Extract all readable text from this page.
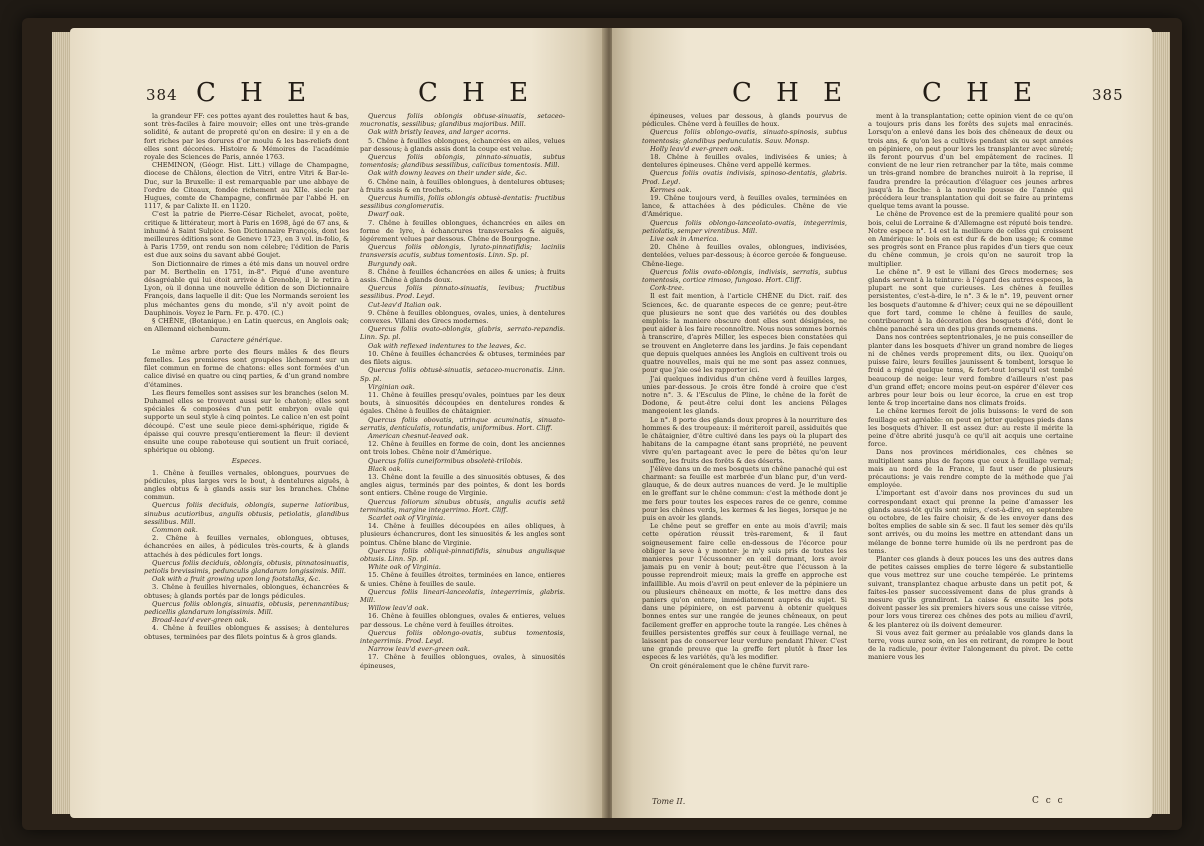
384 C H E	C H E

la grandeur FF: ces pottes ayant des roulettes haut & bas, sont très-faciles à faire mouvoir; elles ont une très-grande solidité, & autant de propreté qu'on en desire: il y en a de fort riches par les dorures d'or moulu & les bas-reliefs dont elles sont décorées. Histoire & Mémoires de l'académie royale des Sciences de Paris, année 1763.

CHEMINON, (Géogr. Hist. Litt.) village de Champagne, diocese de Châlons, élection de Vitri, entre Vitri & Bar-le-Duc, sur la Bruxelle: il est remarquable par une abbaye de l'ordre de Citeaux, fondée richement au XIIe. siecle par Hugues, comte de Champagne, confirmée par l'abbé H. en 1117, & par Calixte II. en 1120.

C'est la patrie de Pierre-César Richelet, avocat, poëte, critique & littérateur, mort à Paris en 1698, âgé de 67 ans, & inhumé à Saint Sulpice. Son Dictionnaire François, dont les meilleures éditions sont de Geneve 1723, en 3 vol. in-folio, & à Paris 1759, ont rendu son nom célebre; l'édition de Paris est due aux soins du savant abbé Goujet.

Son Dictionnaire de rimes a été mis dans un nouvel ordre par M. Berthelin en 1751, in-8°. Piqué d'une aventure désagréable qui lui étoit arrivée à Grenoble, il le retira à Lyon, où il donna une nouvelle édition de son Dictionnaire François, dans laquelle il dit: Que les Normands seroient les plus méchantes gens du monde, s'il n'y avoit point de Dauphinois. Voyez le Parn. Fr. p. 470. (C.)

§ CHÊNE, (Botanique.) en Latin quercus, en Anglois oak; en Allemand eichenbaum.

Caractere générique.

Le même arbre porte des fleurs mâles & des fleurs femelles. Les premieres sont groupées lâchement sur un filet commun en forme de chatons: elles sont formées d'un calice divisé en quatre ou cinq parties, & d'un grand nombre d'étamines.

Les fleurs femelles sont assises sur les branches (selon M. Duhamel elles se trouvent aussi sur le chaton); elles sont spéciales & composées d'un petit embryon ovale qui supporte un seul style à cinq pointes. Le calice n'en est point découpé. C'est une seule piece demi-sphérique, rigide & épaisse qui couvre presqu'entierement la fleur: il devient ensuite une coupe raboteuse qui soutient un fruit coriacé, sphérique ou oblong.

Especes.

1. Chêne à feuilles vernales, oblongues, pourvues de pédicules, plus larges vers le bout, à dentelures aiguës, à angles obtus & à glands assis sur les branches. Chêne commun.

Quercus foliis deciduis, oblongis, superne latioribus, sinubus acutioribus, angulis obtusis, petiolatis, glandibus sessilibus. Mill.

Common oak.

2. Chêne à feuilles vernales, oblongues, obtuses, échancrées en ailes, à pédicules très-courts, & à glands attachés à des pédicules fort longs.

Quercus foliis deciduis, oblongis, obtusis, pinnatosinuatis, petiolis brevissimis, pedunculis glandarum longissimis. Mill.

Oak with a fruit growing upon long footstalks, &c.

3. Chêne à feuilles hivernales, oblongues, échancrées & obtuses; à glands portés par de longs pédicules.

Quercus foliis oblongis, sinuatis, obtusis, perennantibus; pedicellis glandarum longissimis. Mill.

Broad-leav'd ever-green oak.

4. Chêne à feuilles oblongues & assises; à dentelures obtuses, terminées par des filets pointus & à gros glands.

Quercus foliis oblongis obtuse-sinuatis, setaceo-mucronatis, sessilibus; glandibus majoribus. Mill.

Oak with bristly leaves, and larger acorns.

5. Chêne à feuilles oblongues, échancrées en ailes, velues par dessous; à glands assis dont la coupe est velue.

Quercus foliis oblongis, pinnato-sinuatis, subtus tomentosis; glandibus sessilibus, calicibus tomentosis. Mill.

Oak with downy leaves on their under side, &c.

6. Chêne nain, à feuilles oblongues, à dentelures obtuses; à fruits assis & en trochets.

Quercus humilis, foliis oblongis obtusè-dentatis: fructibus sessilibus conglomeratis.

Dwarf oak.

7. Chêne à feuilles oblongues, échancrées en ailes en forme de lyre, à échancrures transversales & aiguës, légérement velues par dessous. Chêne de Bourgogne.

Quercus foliis oblongis, lyrato-pinnatifidis; laciniis transversis acutis, subtus tomentosis. Linn. Sp. pl.

Burgundy oak.

8. Chêne à feuilles échancrées en ailes & unies; à fruits assis. Chêne à glands doux.

Quercus foliis pinnato-sinuatis, levibus; fructibus sessilibus. Prod. Leyd.

Cut-leav'd Italian oak.

9. Chêne à feuilles oblongues, ovales, unies, à dentelures convexes. Villani des Grecs modernes.

Quercus foliis ovato-oblongis, glabris, serrato-repandis. Linn. Sp. pl.

Oak with reflexed indentures to the leaves, &c.

10. Chêne à feuilles échancrées & obtuses, terminées par des filets aigus.

Quercus foliis obtusè-sinuatis, setaceo-mucronatis. Linn. Sp. pl.

Virginian oak.

11. Chêne à feuilles presqu'ovales, pointues par les deux bouts, à sinuosités découpées en dentelures rondes & égales. Chêne à feuilles de châtaignier.

Quercus foliis obovatis, utrinque acuminatis, sinuato-serratis, denticulatis, rotundatis, uniformibus. Hort. Cliff.

American chesnut-leaved oak.

12. Chêne à feuilles en forme de coin, dont les anciennes ont trois lobes. Chêne noir d'Amérique.

Quercus foliis cuneiformibus obsoletè-trilobis.

Black oak.

13. Chêne dont la feuille a des sinuosités obtuses, & des angles aigus, terminés par des pointes, & dont les bords sont entiers. Chêne rouge de Virginie.

Quercus foliorum sinubus obtusis, angulis acutis setâ terminatis, margine integerrimo. Hort. Cliff.

Scarlet oak of Virginia.

14. Chêne à feuilles découpées en ailes obliques, à plusieurs échancrures, dont les sinuosités & les angles sont pointus. Chêne blanc de Virginie.

Quercus foliis obliquè-pinnatifidis, sinubus angulisque obtusis. Linn. Sp. pl.

White oak of Virginia.

15. Chêne à feuilles étroites, terminées en lance, entieres & unies. Chêne à feuilles de saule.

Quercus foliis lineari-lanceolatis, integerrimis, glabris. Mill.

Willow leav'd oak.

16. Chêne à feuilles oblongues, ovales & entieres, velues par dessous. Le chêne verd à feuilles étroites.

Quercus foliis oblongo-ovatis, subtus tomentosis, integerrimis. Prod. Leyd.

Narrow leav'd ever-green oak.

17. Chêne à feuilles oblongues, ovales, à sinuosités épineuses,

C H E	C H E	385

épineuses, velues par dessous, à glands pourvus de pédicules. Chêne verd à feuilles de houx.

Quercus foliis oblongo-ovatis, sinuato-spinosis, subtus tomentosis; glandibus pedunculatis. Sauv. Monsp.

Holly leav'd ever-green oak.

18. Chêne à feuilles ovales, indivisées & unies; à dentelures épineuses. Chêne verd appellé kermes.

Quercus foliis ovatis indivisis, spinoso-dentatis, glabris. Prod. Leyd.

Kermes oak.

19. Chêne toujours verd, à feuilles ovales, terminées en lance, & attachées à des pédicules. Chêne de vie d'Amérique.

Quercus foliis oblongo-lanceolato-ovatis, integerrimis, petiolatis, semper virentibus. Mill.

Live oak in America.

20. Chêne à feuilles ovales, oblongues, indivisées, dentelées, velues par-dessous; à écorce gercée & fongueuse. Chêne-liege.

Quercus foliis ovato-oblongis, indivisis, serratis, subtus tomentosis, cortice rimoso, fungoso. Hort. Cliff.

Cork-tree.

Il est fait mention, à l'article CHÊNE du Dict. raif. des Sciences, &c. de quarante especes de ce genre; peut-être que plusieurs ne sont que des variétés ou des doubles emplois: la maniere obscure dont elles sont désignées, ne peut aider à les faire reconnoître. Nous nous sommes bornés à transcrire, d'après Miller, les especes bien constatées qui se trouvent en Angleterre dans les jardins. Je fais cependant que depuis quelques années les Anglois en cultivent trois ou quatre nouvelles, mais qui ne me sont pas assez connues, pour que j'aie osé les rapporter ici.

J'ai quelques individus d'un chêne verd à feuilles larges, unies par-dessous. Je crois être fondé à croire que c'est notre n°. 3. & l'Esculus de Pline, le chêne de la forêt de Dodone, & peut-être celui dont les anciens Pélages mangeoient les glands.

Le n°. 8 porte des glands doux propres à la nourriture des hommes & des troupeaux: il mériteroit pareil, assiduités que le châtaignier, d'être cultivé dans les pays où la plupart des habitans de la campagne étant sans propriété, ne peuvent vivre qu'en partageant avec le pere de bêtes qu'on leur souffre, les fruits des forêts & des déserts.

J'élève dans un de mes bosquets un chêne panaché qui est charmant: sa feuille est marbrée d'un blanc pur, d'un verd-glauque, & de deux autres nuances de verd. Je le multiplie en le greffant sur le chêne commun: c'est la méthode dont je me fers pour toutes les especes rares de ce genre, comme pour les chênes verds, les kermes & les lieges, lorsque je ne puis en avoir les glands.

Le chêne peut se greffer en ente au mois d'avril; mais cette opération réussit très-rarement, & il faut soigneusement faire celle en-dessous de l'écorce pour obliger la seve à y monter: je m'y suis pris de toutes les manieres pour l'écussonner en œil dormant, lors avoir jamais pu en venir à bout; peut-être que l'écusson à la pousse reprendroit mieux; mais la greffe en approche est infaillible. Au mois d'avril on peut enlever de la pépiniere un ou plusieurs chêneaux en motte, & les mettre dans des paniers qu'on entere, immédiatement auprès du sujet. Si dans une pépiniere, on est parvenu à obtenir quelques bonnes entes sur une rangée de jeunes chêneaux, on peut facilement greffer en approche toute la rangée. Les chênes à feuilles persistentes greffés sur ceux à feuillage vernal, ne laissent pas de conserver leur verdure pendant l'hiver. C'est une grande preuve que la greffe fert plutôt à fixer les especes & les variétés, qu'à les modifier.

On croit généralement que le chêne furvit rare-

ment à la transplantation; cette opinion vient de ce qu'on a toujours pris dans les forêts des sujets mal enracinés. Lorsqu'on a enlevé dans les bois des chêneaux de deux ou trois ans, & qu'on les a cultivés pendant six ou sept années en pépiniere, on peut pour lors les transplanter avec sûreté; ils feront pourvus d'un bel empâtement de racines. Il convient de ne leur rien retrancher par la tête, mais comme un très-grand nombre de branches nuiroit à la reprise, il faudra prendre la précaution d'élaguer ces jeunes arbres jusqu'à la fleche: à la nouvelle pousse de l'année qui précédera leur transplantation qui doit se faire au printems quelque tems avant la pousse.

Le chêne de Provence est de la premiere qualité pour son bois, celui de Lorraine & d'Allemagne est réputé bois tendre. Notre espece n°. 14 est la meilleure de celles qui croissent en Amérique: le bois en est dur & de bon usage; & comme ses progrès sont en France plus rapides d'un tiers que ceux du chêne commun, je crois qu'on ne sauroit trop la multiplier.

Le chêne n°. 9 est le villani des Grecs modernes; ses glands servent à la teinture: à l'égard des autres especes, la plupart ne sont que curieuses. Les chênes à feuilles persistentes, c'est-à-dire, le n°. 3 & le n°. 19, peuvent orner les bosquets d'automne & d'hiver; ceux qui ne se dépouillent que fort tard, comme le chêne à feuilles de saule, contribueront à la décoration des bosquets d'été, dont le chêne panaché sera un des plus grands ornemens.

Dans nos contrées septentrionales, je ne puis conseiller de planter dans les bosquets d'hiver un grand nombre de lieges ni de chênes verds proprement dits, ou ilex. Quoiqu'on puisse faire, leurs feuilles jaunissent & tombent, lorsque le froid a régné quelque tems, & fort-tout lorsqu'il est tombé beaucoup de neige: leur verd fombre d'ailleurs n'est pas d'un grand effet; encore moins peut-on espérer d'élever ces arbres pour leur bois ou leur écorce, la crue en est trop lente & trop incertaine dans nos climats froids.

Le chêne kermes feroit de jolis buissons: le verd de son feuillage est agréable: on peut en jetter quelques pieds dans les bosquets d'hiver. Il est assez dur: au reste il mérite la peine d'être abrité jusqu'à ce qu'il ait acquis une certaine force.

Dans nos provinces méridionales, ces chênes se multiplient sans plus de façons que ceux à feuillage vernal; mais au nord de la France, il faut user de plusieurs précautions: je vais rendre compte de la méthode que j'ai employée.

L'important est d'avoir dans nos provinces du sud un correspondant exact qui prenne la peine d'amasser les glands aussi-tôt qu'ils sont mûrs, c'est-à-dire, en septembre ou octobre, de les faire choisir, & de les envoyer dans des boîtes emplies de sable sin & sec. Il faut les semer dès qu'ils sont arrivés, ou du moins les mettre en attendant dans un mélange de bonne terre humide où ils ne perdront pas de tems.

Planter ces glands à deux pouces les uns des autres dans de petites caisses emplies de terre légere & substantielle que vous mettrez sur une couche tempérée. Le printems suivant, transplantez chaque arbuste dans un petit pot, & faites-les passer successivement dans de plus grands à mesure qu'ils grandiront. La caisse & ensuite les pots doivent passer les six premiers hivers sous une caisse vitrée, pour lors vous tirerez ces chênes des pots au milieu d'avril, & les planterez où ils doivent demeurer.

Si vous avez fait germer au préalable vos glands dans la terre, vous aurez soin, en les en retirant, de rompre le bout de la radicule, pour éviter l'alongement du pivot. De cette maniere vous les

Tome II.	C c c
